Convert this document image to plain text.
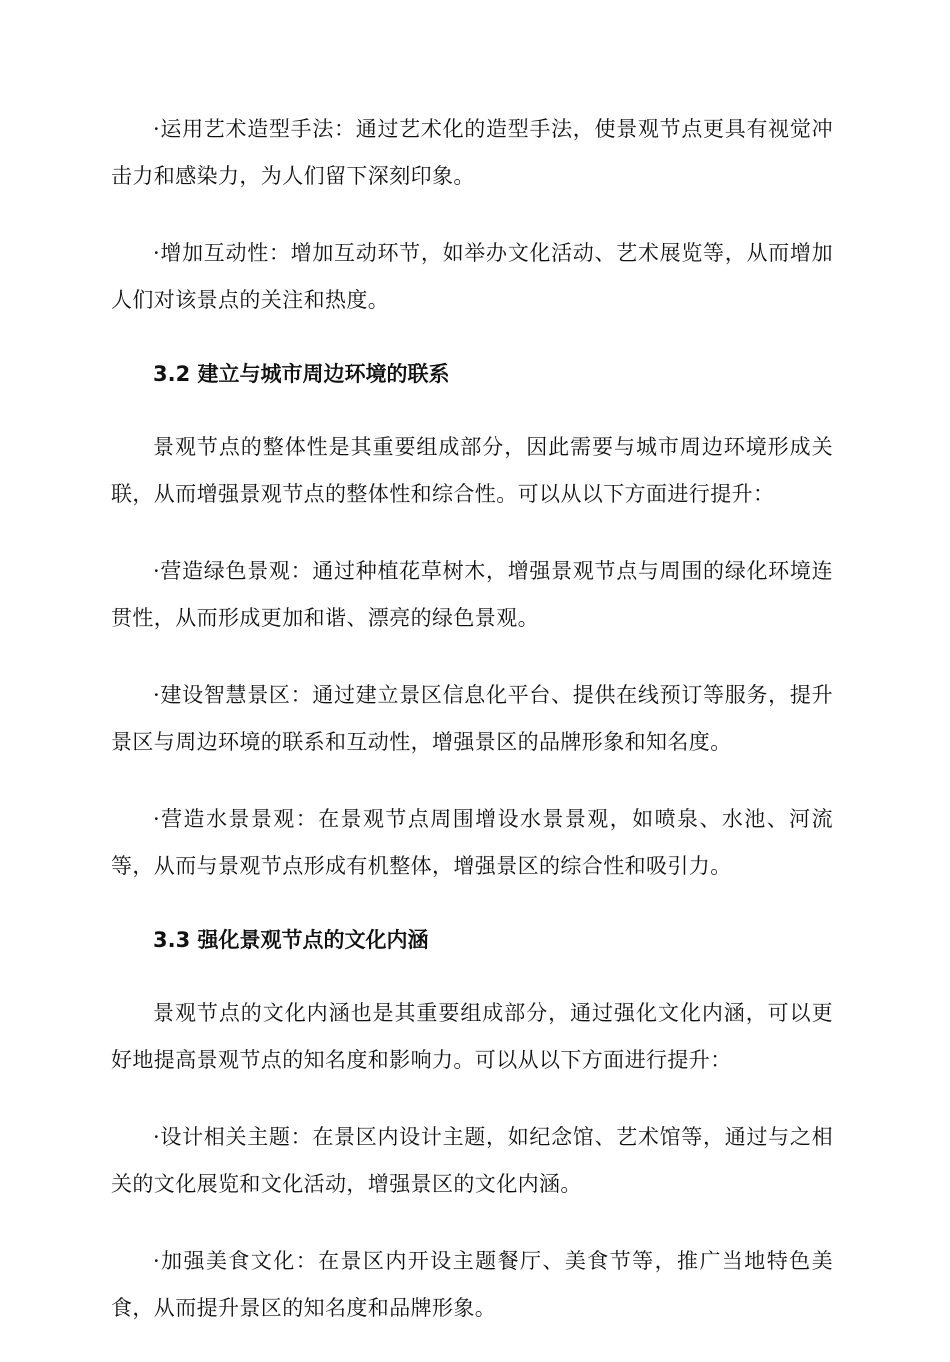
·运用艺术造型手法：通过艺术化的造型手法，使景观节点更具有视觉冲击力和感染力，为人们留下深刻印象。

·增加互动性：增加互动环节，如举办文化活动、艺术展览等，从而增加人们对该景点的关注和热度。

3.2 建立与城市周边环境的联系

景观节点的整体性是其重要组成部分，因此需要与城市周边环境形成关联，从而增强景观节点的整体性和综合性。可以从以下方面进行提升：

·营造绿色景观：通过种植花草树木，增强景观节点与周围的绿化环境连贯性，从而形成更加和谐、漂亮的绿色景观。

·建设智慧景区：通过建立景区信息化平台、提供在线预订等服务，提升景区与周边环境的联系和互动性，增强景区的品牌形象和知名度。

·营造水景景观：在景观节点周围增设水景景观，如喷泉、水池、河流等，从而与景观节点形成有机整体，增强景区的综合性和吸引力。

3.3 强化景观节点的文化内涵

景观节点的文化内涵也是其重要组成部分，通过强化文化内涵，可以更好地提高景观节点的知名度和影响力。可以从以下方面进行提升：

·设计相关主题：在景区内设计主题，如纪念馆、艺术馆等，通过与之相关的文化展览和文化活动，增强景区的文化内涵。

·加强美食文化：在景区内开设主题餐厅、美食节等，推广当地特色美食，从而提升景区的知名度和品牌形象。
